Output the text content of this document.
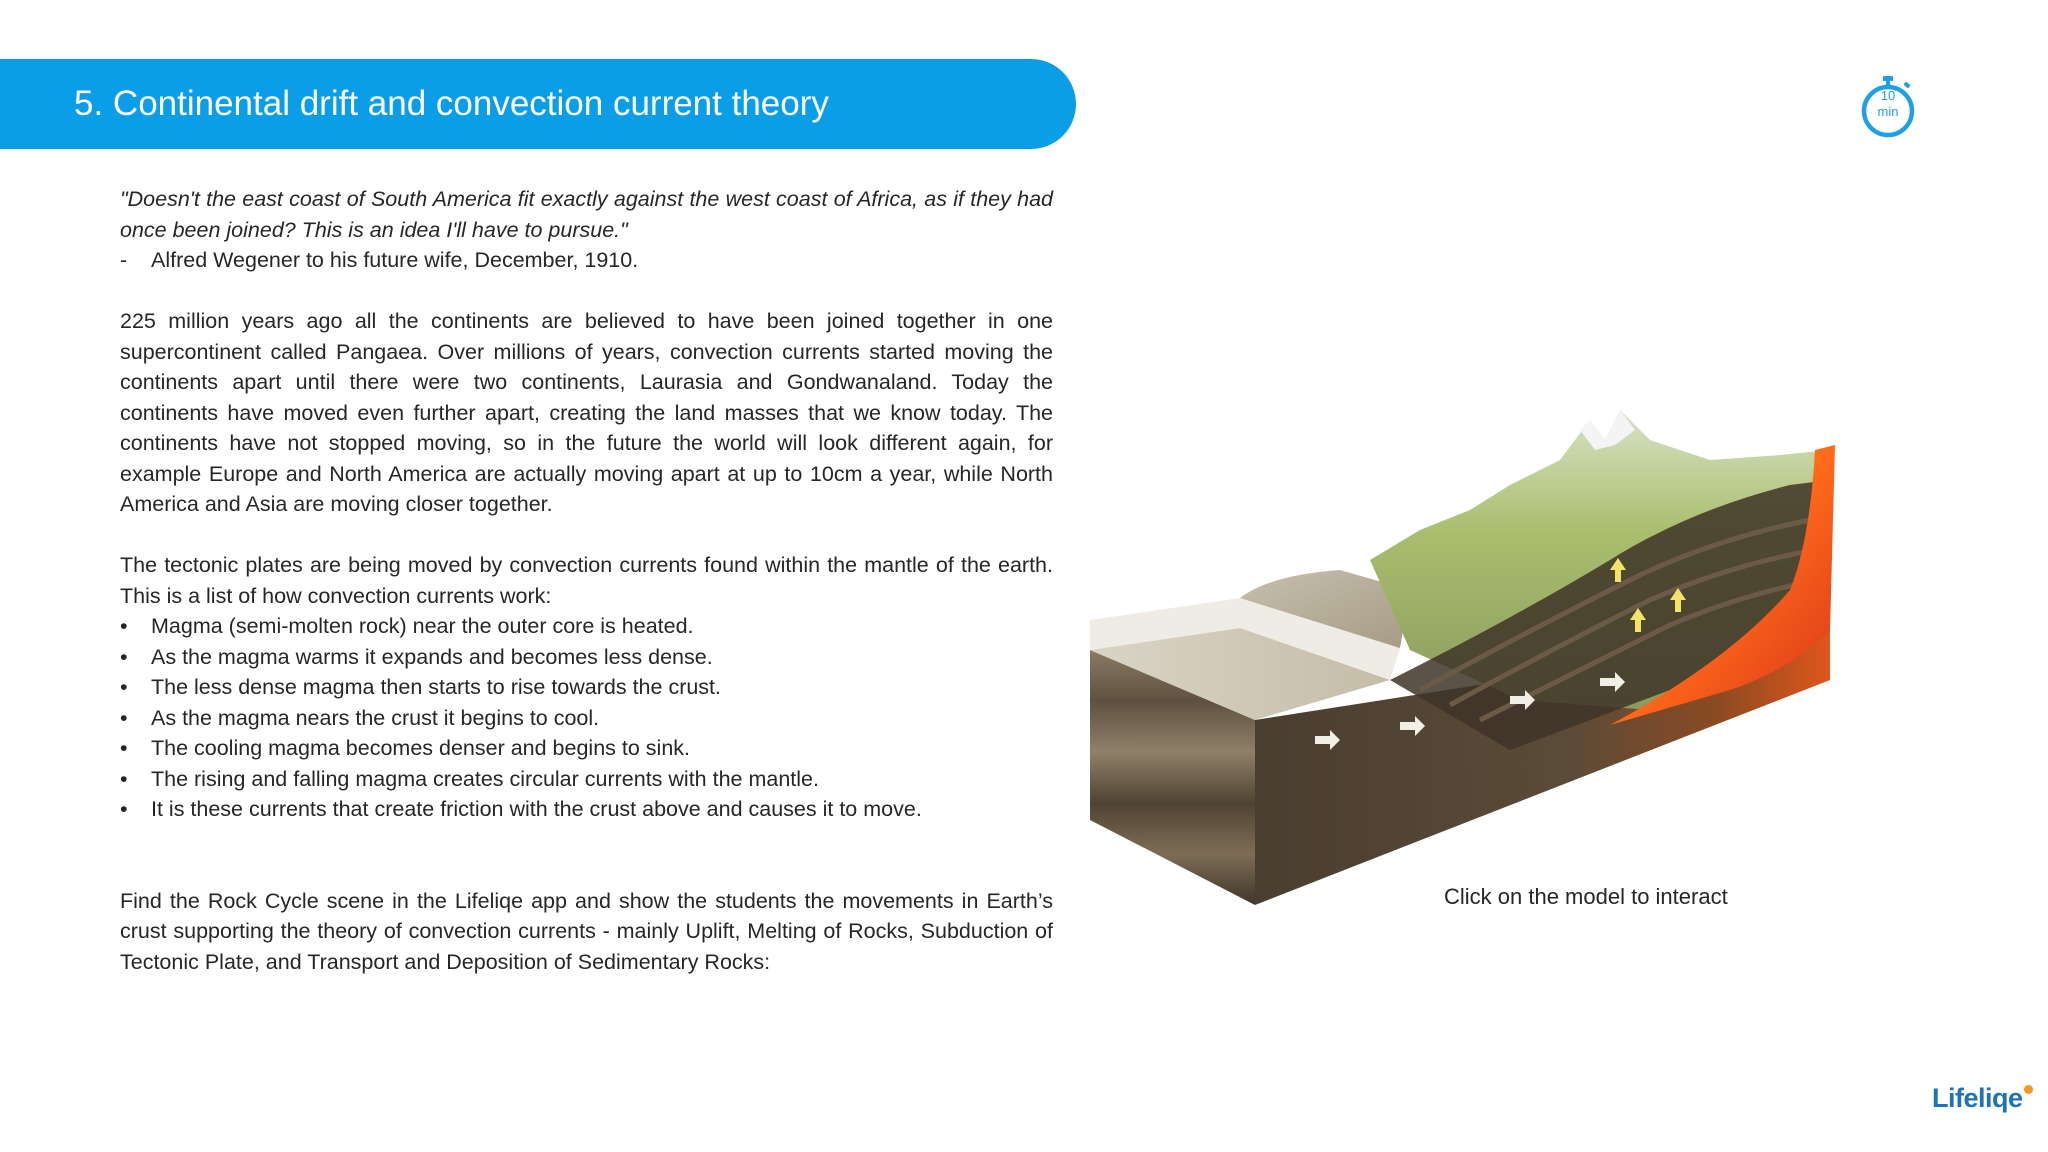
5. Continental drift and convection current theory	10
min

"Doesn't the east coast of South America fit exactly against the west coast of Africa, as if they had once been joined? This is an idea I'll have to pursue."

- Alfred Wegener to his future wife, December, 1910.

225 million years ago all the continents are believed to have been joined together in one supercontinent called Pangaea. Over millions of years, convection currents started moving the continents apart until there were two continents, Laurasia and Gondwanaland. Today the continents have moved even further apart, creating the land masses that we know today. The continents have not stopped moving, so in the future the world will look different again, for example Europe and North America are actually moving apart at up to 10cm a year, while North America and Asia are moving closer together.

The tectonic plates are being moved by convection currents found within the mantle of the earth. This is a list of how convection currents work:

• Magma (semi-molten rock) near the outer core is heated.
• As the magma warms it expands and becomes less dense.
• The less dense magma then starts to rise towards the crust.
• As the magma nears the crust it begins to cool.
• The cooling magma becomes denser and begins to sink.
• The rising and falling magma creates circular currents with the mantle.
• It is these currents that create friction with the crust above and causes it to move.

Find the Rock Cycle scene in the Lifeliqe app and show the students the movements in Earth’s crust supporting the theory of convection currents - mainly Uplift, Melting of Rocks, Subduction of Tectonic Plate, and Transport and Deposition of Sedimentary Rocks:

Click on the model to interact
Lifeliqe
